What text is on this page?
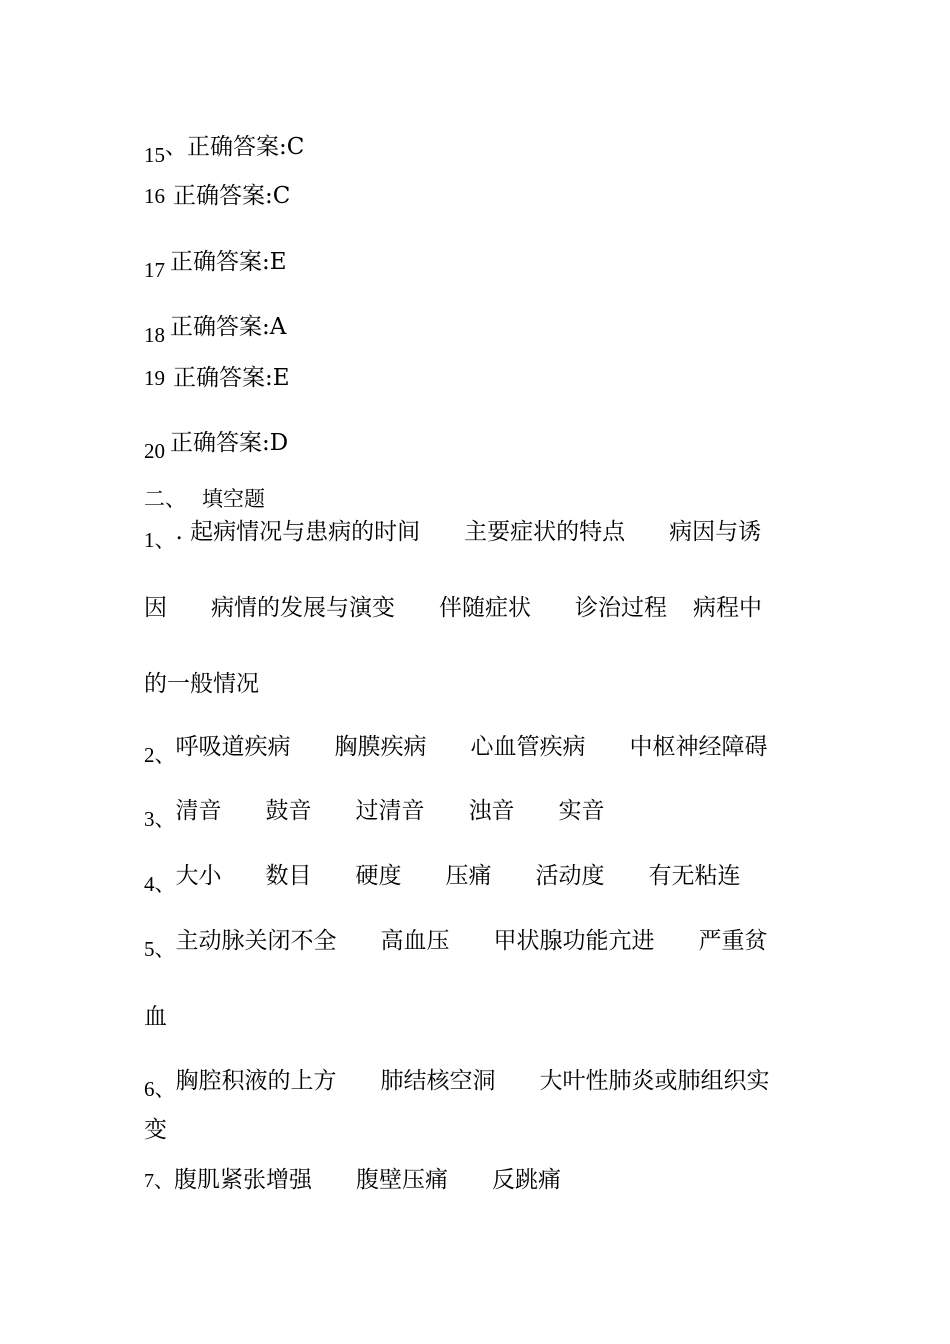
15、正确答案:C
16 正确答案:C
17 正确答案:E
18 正确答案:A
19 正确答案:E
20 正确答案:D
二、 填空题
1、. 起病情况与患病的时间 主要症状的特点 病因与诱
因 病情的发展与演变 伴随症状 诊治过程 病程中
的一般情况
2、呼吸道疾病 胸膜疾病 心血管疾病 中枢神经障碍
3、清音 鼓音 过清音 浊音 实音
4、大小 数目 硬度 压痛 活动度 有无粘连
5、主动脉关闭不全 高血压 甲状腺功能亢进 严重贫
血
6、胸腔积液的上方 肺结核空洞 大叶性肺炎或肺组织实
变
7、腹肌紧张增强 腹壁压痛 反跳痛
